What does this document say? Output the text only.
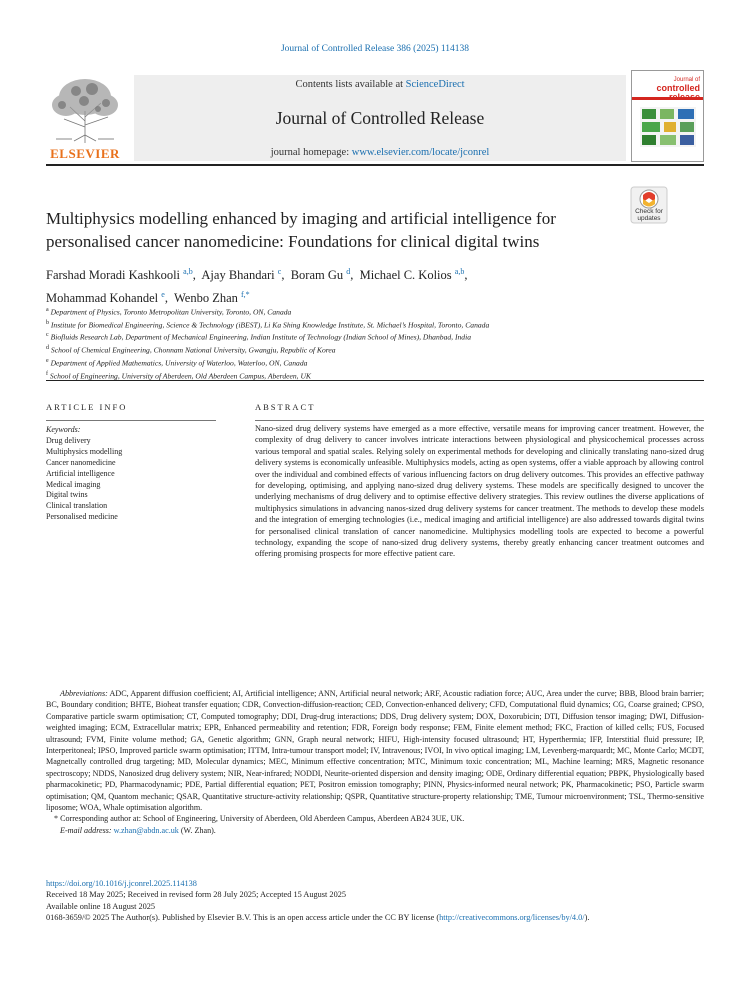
Journal of Controlled Release 386 (2025) 114138
ELSEVIER
Contents lists available at ScienceDirect
Journal of Controlled Release
journal homepage: www.elsevier.com/locate/jconrel
Journal of
controlled
Multiphysics modelling enhanced by imaging and artificial intelligence for personalised cancer nanomedicine: Foundations for clinical digital twins
Check for
updates
Farshad Moradi Kashkooli $^{a,b}$,  Ajay Bhandari $^c$,  Boram Gu $^d$,  Michael C. Kolios $^{a,b}$,
Mohammad Kohandel $^e$,  Wenbo Zhan $^{f,*}$
$^a$ Department of Physics, Toronto Metropolitan University, Toronto, ON, Canada
$^b$ Institute for Biomedical Engineering, Science & Technology (iBEST), Li Ka Shing Knowledge Institute, St. Michael’s Hospital, Toronto, Canada
$^c$ Biofluids Research Lab, Department of Mechanical Engineering, Indian Institute of Technology (Indian School of Mines), Dhanbad, India
$^d$ School of Chemical Engineering, Chonnam National University, Gwangju, Republic of Korea
$^e$ Department of Applied Mathematics, University of Waterloo, Waterloo, ON, Canada
$^f$ School of Engineering, University of Aberdeen, Old Aberdeen Campus, Aberdeen, UK
ARTICLE INFO	ABSTRACT
Keywords:
Drug delivery
Multiphysics modelling
Cancer nanomedicine
Artificial intelligence
Medical imaging
Digital twins
Clinical translation
Personalised medicine
Nano-sized drug delivery systems have emerged as a more effective, versatile means for improving cancer treatment. However, the complexity of drug delivery to cancer involves intricate interactions between physiological and physicochemical processes across various temporal and spatial scales. Relying solely on experimental methods for developing and clinically translating nano-sized drug delivery systems is economically unfeasible. Multiphysics models, acting as open systems, offer a viable approach by allowing control over the individual and combined effects of various influencing factors on drug delivery outcomes. This provides an effective pathway for developing, optimising, and applying nano-sized drug delivery systems. These models are specifically designed to uncover the underlying mechanisms of drug delivery and to optimise effective delivery strategies. This review outlines the diverse applications of multiphysics simulations in advancing nanos-sized drug delivery systems for cancer treatment. The methods to develop these models and the integration of emerging technologies (i.e., medical imaging and artificial intelligence) are also addressed towards digital twins for personalised clinical translation of cancer nanomedicine. Multiphysics modelling tools are expected to become a powerful technology, expanding the scope of nano-sized drug delivery systems, thereby greatly enhancing cancer treatment outcomes and offering promising prospects for more effective patient care.
Abbreviations: ADC, Apparent diffusion coefficient; AI, Artificial intelligence; ANN, Artificial neural network; ARF, Acoustic radiation force; AUC, Area under the curve; BBB, Blood brain barrier; BC, Boundary condition; BHTE, Bioheat transfer equation; CDR, Convection-diffusion-reaction; CED, Convection-enhanced delivery; CFD, Computational fluid dynamics; CG, Coarse grained; CPSO, Comparative particle swarm optimisation; CT, Computed tomography; DDI, Drug-drug interactions; DDS, Drug delivery system; DOX, Doxorubicin; DTI, Diffusion tensor imaging; DWI, Diffusion-weighted imaging; ECM, Extracellular matrix; EPR, Enhanced permeability and retention; FDR, Foreign body response; FEM, Finite element method; FKC, Fraction of killed cells; FUS, Focused ultrasound; FVM, Finite volume method; GA, Genetic algorithm; GNN, Graph neural network; HIFU, High-intensity focused ultrasound; HT, Hyperthermia; IFP, Interstitial fluid pressure; IP, Interperitoneal; IPSO, Improved particle swarm optimisation; ITTM, Intra-tumour transport model; IV, Intravenous; IVOI, In vivo optical imaging; LM, Levenberg-marquardt; MC, Monte Carlo; MCDT, Magnetcally controlled drug targeting; MD, Molecular dynamics; MEC, Minimum effective concentration; MTC, Minimum toxic concentration; ML, Machine learning; MRS, Magnetic resonance spectroscopy; NDDS, Nanosized drug delivery system; NIR, Near-infrared; NODDI, Neurite-oriented dispersion and density imaging; ODE, Ordinary differential equation; PBPK, Physiologically based pharmacokinetic; PD, Pharmacodynamic; PDE, Partial differential equation; PET, Positron emission tomography; PINN, Physics-informed neural network; PK, Pharmacokinetic; PSO, Particle swarm optimisation; QM, Quantom mechanic; QSAR, Quantitative structure-activity relationship; QSPR, Quantitative structure-property relationship; TME, Tumour microenvironment; TSL, Thermo-sensitive liposome; WOA, Whale optimisation algorithm.
* Corresponding author at: School of Engineering, University of Aberdeen, Old Aberdeen Campus, Aberdeen AB24 3UE, UK.
E-mail address: w.zhan@abdn.ac.uk (W. Zhan).
https://doi.org/10.1016/j.jconrel.2025.114138
Received 18 May 2025; Received in revised form 28 July 2025; Accepted 15 August 2025
Available online 18 August 2025
0168-3659/© 2025 The Author(s). Published by Elsevier B.V. This is an open access article under the CC BY license (http://creativecommons.org/licenses/by/4.0/).
